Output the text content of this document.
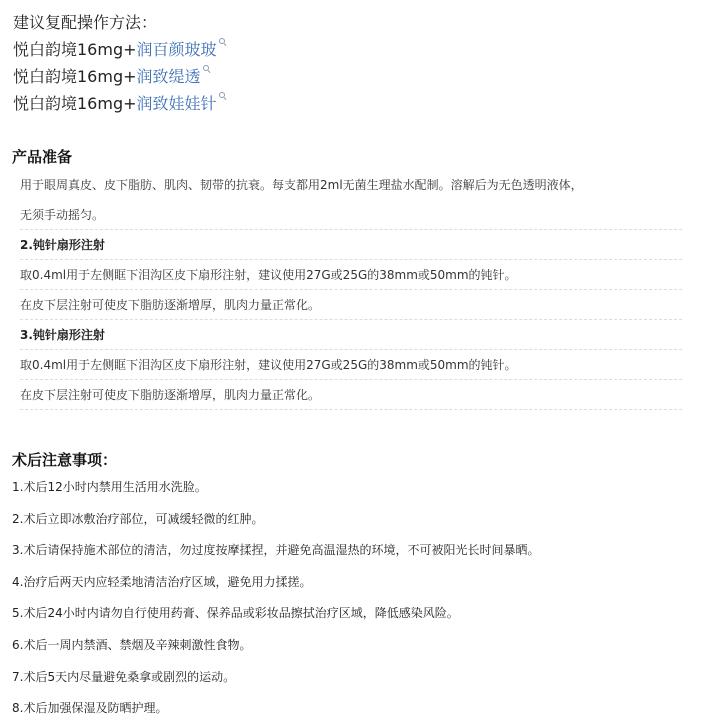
建议复配操作方法：
悦白韵境16mg+润百颜玻玻
悦白韵境16mg+润致缇透
悦白韵境16mg+润致娃娃针
产品准备
用于眼周真皮、皮下脂肪、肌肉、韧带的抗衰。每支都用2ml无菌生理盐水配制。溶解后为无色透明液体，
无须手动摇匀。
2.钝针扇形注射
取0.4ml用于左侧眶下泪沟区皮下扇形注射，建议使用27G或25G的38mm或50mm的钝针。
在皮下层注射可使皮下脂肪逐渐增厚，肌肉力量正常化。
3.钝针扇形注射
取0.4ml用于左侧眶下泪沟区皮下扇形注射，建议使用27G或25G的38mm或50mm的钝针。
在皮下层注射可使皮下脂肪逐渐增厚，肌肉力量正常化。
术后注意事项：
1.术后12小时内禁用生活用水洗脸。
2.术后立即冰敷治疗部位，可减缓轻微的红肿。
3.术后请保持施术部位的清洁，勿过度按摩揉捏，并避免高温湿热的环境，不可被阳光长时间暴晒。
4.治疗后两天内应轻柔地清洁治疗区域，避免用力揉搓。
5.术后24小时内请勿自行使用药膏、保养品或彩妆品擦拭治疗区域，降低感染风险。
6.术后一周内禁酒、禁烟及辛辣刺激性食物。
7.术后5天内尽量避免桑拿或剧烈的运动。
8.术后加强保湿及防晒护理。
